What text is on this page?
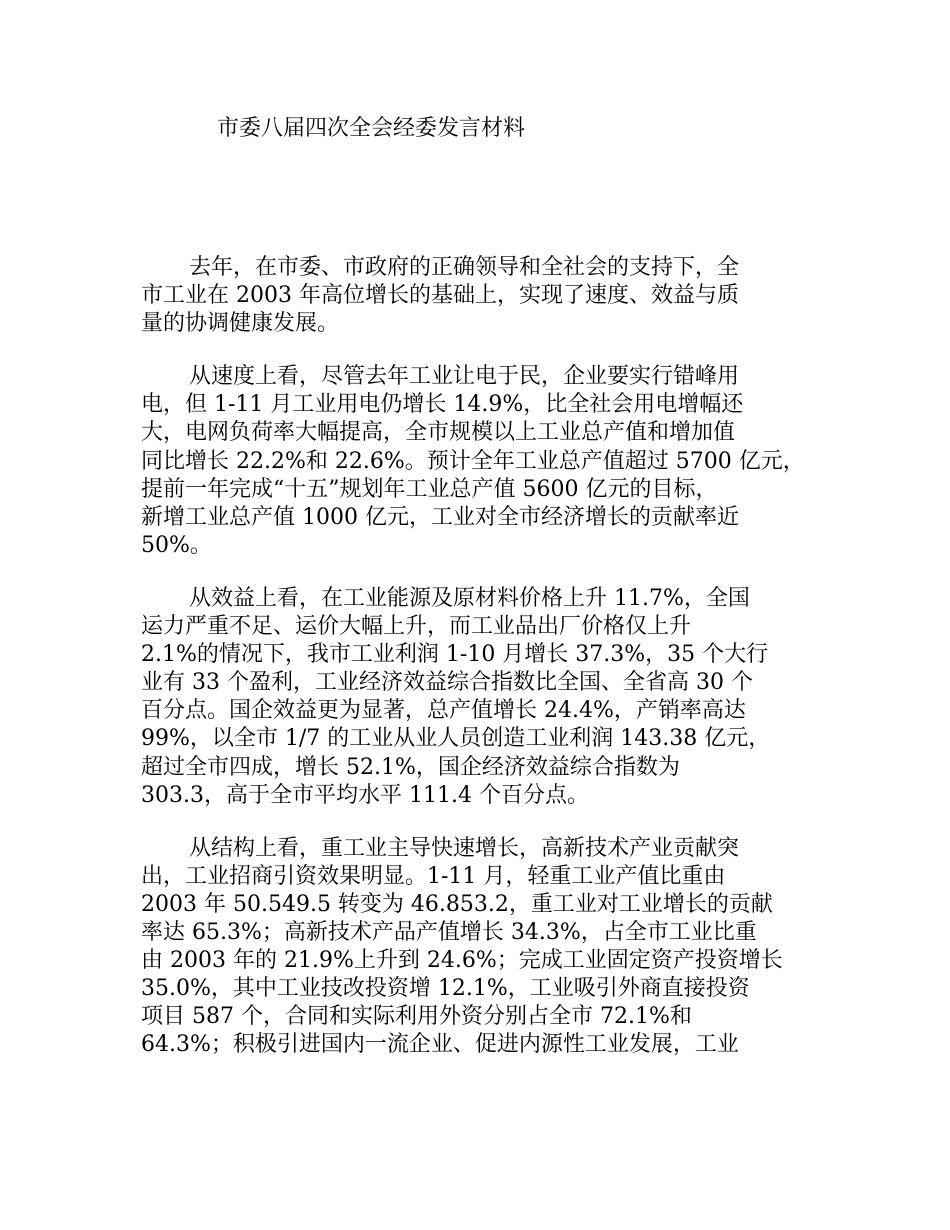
市委八届四次全会经委发言材料
去年，在市委、市政府的正确领导和全社会的支持下，全
市工业在 2003 年高位增长的基础上，实现了速度、效益与质
量的协调健康发展。
从速度上看，尽管去年工业让电于民，企业要实行错峰用
电，但 1-11 月工业用电仍增长 14.9%，比全社会用电增幅还
大，电网负荷率大幅提高，全市规模以上工业总产值和增加值
同比增长 22.2%和 22.6%。预计全年工业总产值超过 5700 亿元，
提前一年完成“十五”规划年工业总产值 5600 亿元的目标，
新增工业总产值 1000 亿元，工业对全市经济增长的贡献率近
50%。
从效益上看，在工业能源及原材料价格上升 11.7%，全国
运力严重不足、运价大幅上升，而工业品出厂价格仅上升
2.1%的情况下，我市工业利润 1-10 月增长 37.3%，35 个大行
业有 33 个盈利，工业经济效益综合指数比全国、全省高 30 个
百分点。国企效益更为显著，总产值增长 24.4%，产销率高达
99%，以全市 1/7 的工业从业人员创造工业利润 143.38 亿元，
超过全市四成，增长 52.1%，国企经济效益综合指数为
303.3，高于全市平均水平 111.4 个百分点。
从结构上看，重工业主导快速增长，高新技术产业贡献突
出，工业招商引资效果明显。1-11 月，轻重工业产值比重由
2003 年 50.549.5 转变为 46.853.2，重工业对工业增长的贡献
率达 65.3%；高新技术产品产值增长 34.3%，占全市工业比重
由 2003 年的 21.9%上升到 24.6%；完成工业固定资产投资增长
35.0%，其中工业技改投资增 12.1%，工业吸引外商直接投资
项目 587 个，合同和实际利用外资分别占全市 72.1%和
64.3%；积极引进国内一流企业、促进内源性工业发展，工业
